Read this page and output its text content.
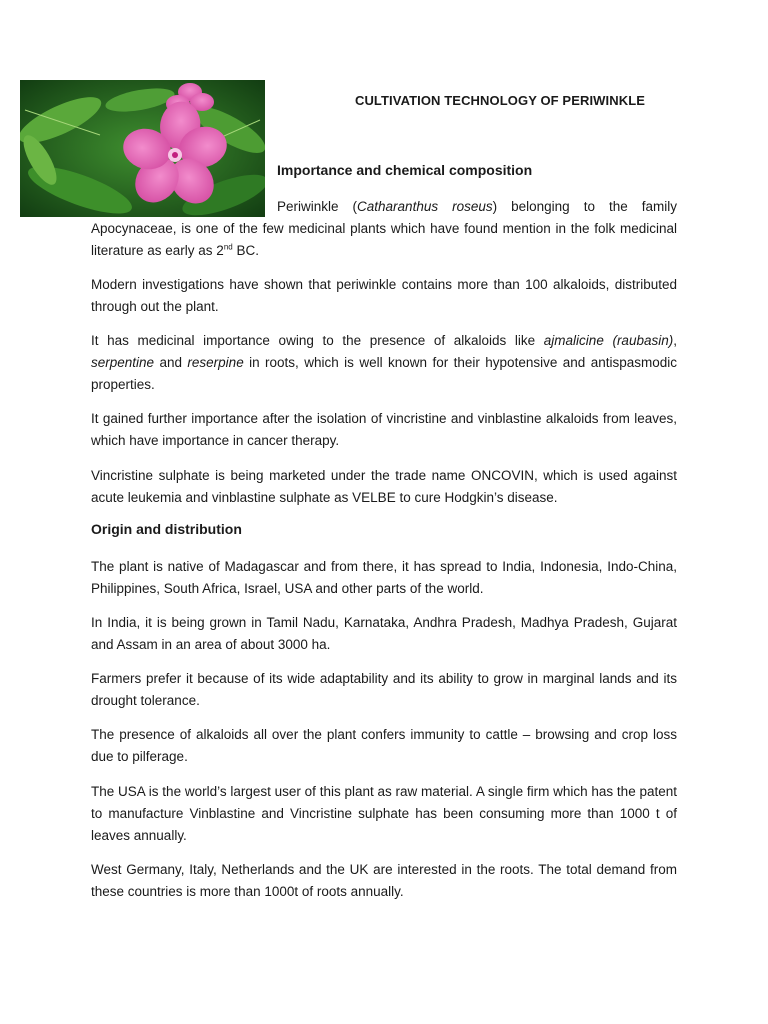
CULTIVATION TECHNOLOGY OF PERIWINKLE
Importance and chemical composition

Periwinkle (Catharanthus roseus) belonging to the family Apocynaceae, is one of the few medicinal plants which have found mention in the folk medicinal literature as early as 2nd BC.

Modern investigations have shown that periwinkle contains more than 100 alkaloids, distributed through out the plant.

It has medicinal importance owing to the presence of alkaloids like ajmalicine (raubasin), serpentine and reserpine in roots, which is well known for their hypotensive and antispasmodic properties.

It gained further importance after the isolation of vincristine and vinblastine alkaloids from leaves, which have importance in cancer therapy.

Vincristine sulphate is being marketed under the trade name ONCOVIN, which is used against acute leukemia and vinblastine sulphate as VELBE to cure Hodgkin’s disease.

Origin and distribution

The plant is native of Madagascar and from there, it has spread to India, Indonesia, Indo-China, Philippines, South Africa, Israel, USA and other parts of the world.

In India, it is being grown in Tamil Nadu, Karnataka, Andhra Pradesh, Madhya Pradesh, Gujarat and Assam in an area of about 3000 ha.

Farmers prefer it because of its wide adaptability and its ability to grow in marginal lands and its drought tolerance.

The presence of alkaloids all over the plant confers immunity to cattle – browsing and crop loss due to pilferage.

The USA is the world’s largest user of this plant as raw material. A single firm which has the patent to manufacture Vinblastine and Vincristine sulphate has been consuming more than 1000 t of leaves annually.

West Germany, Italy, Netherlands and the UK are interested in the roots. The total demand from these countries is more than 1000t of roots annually.
